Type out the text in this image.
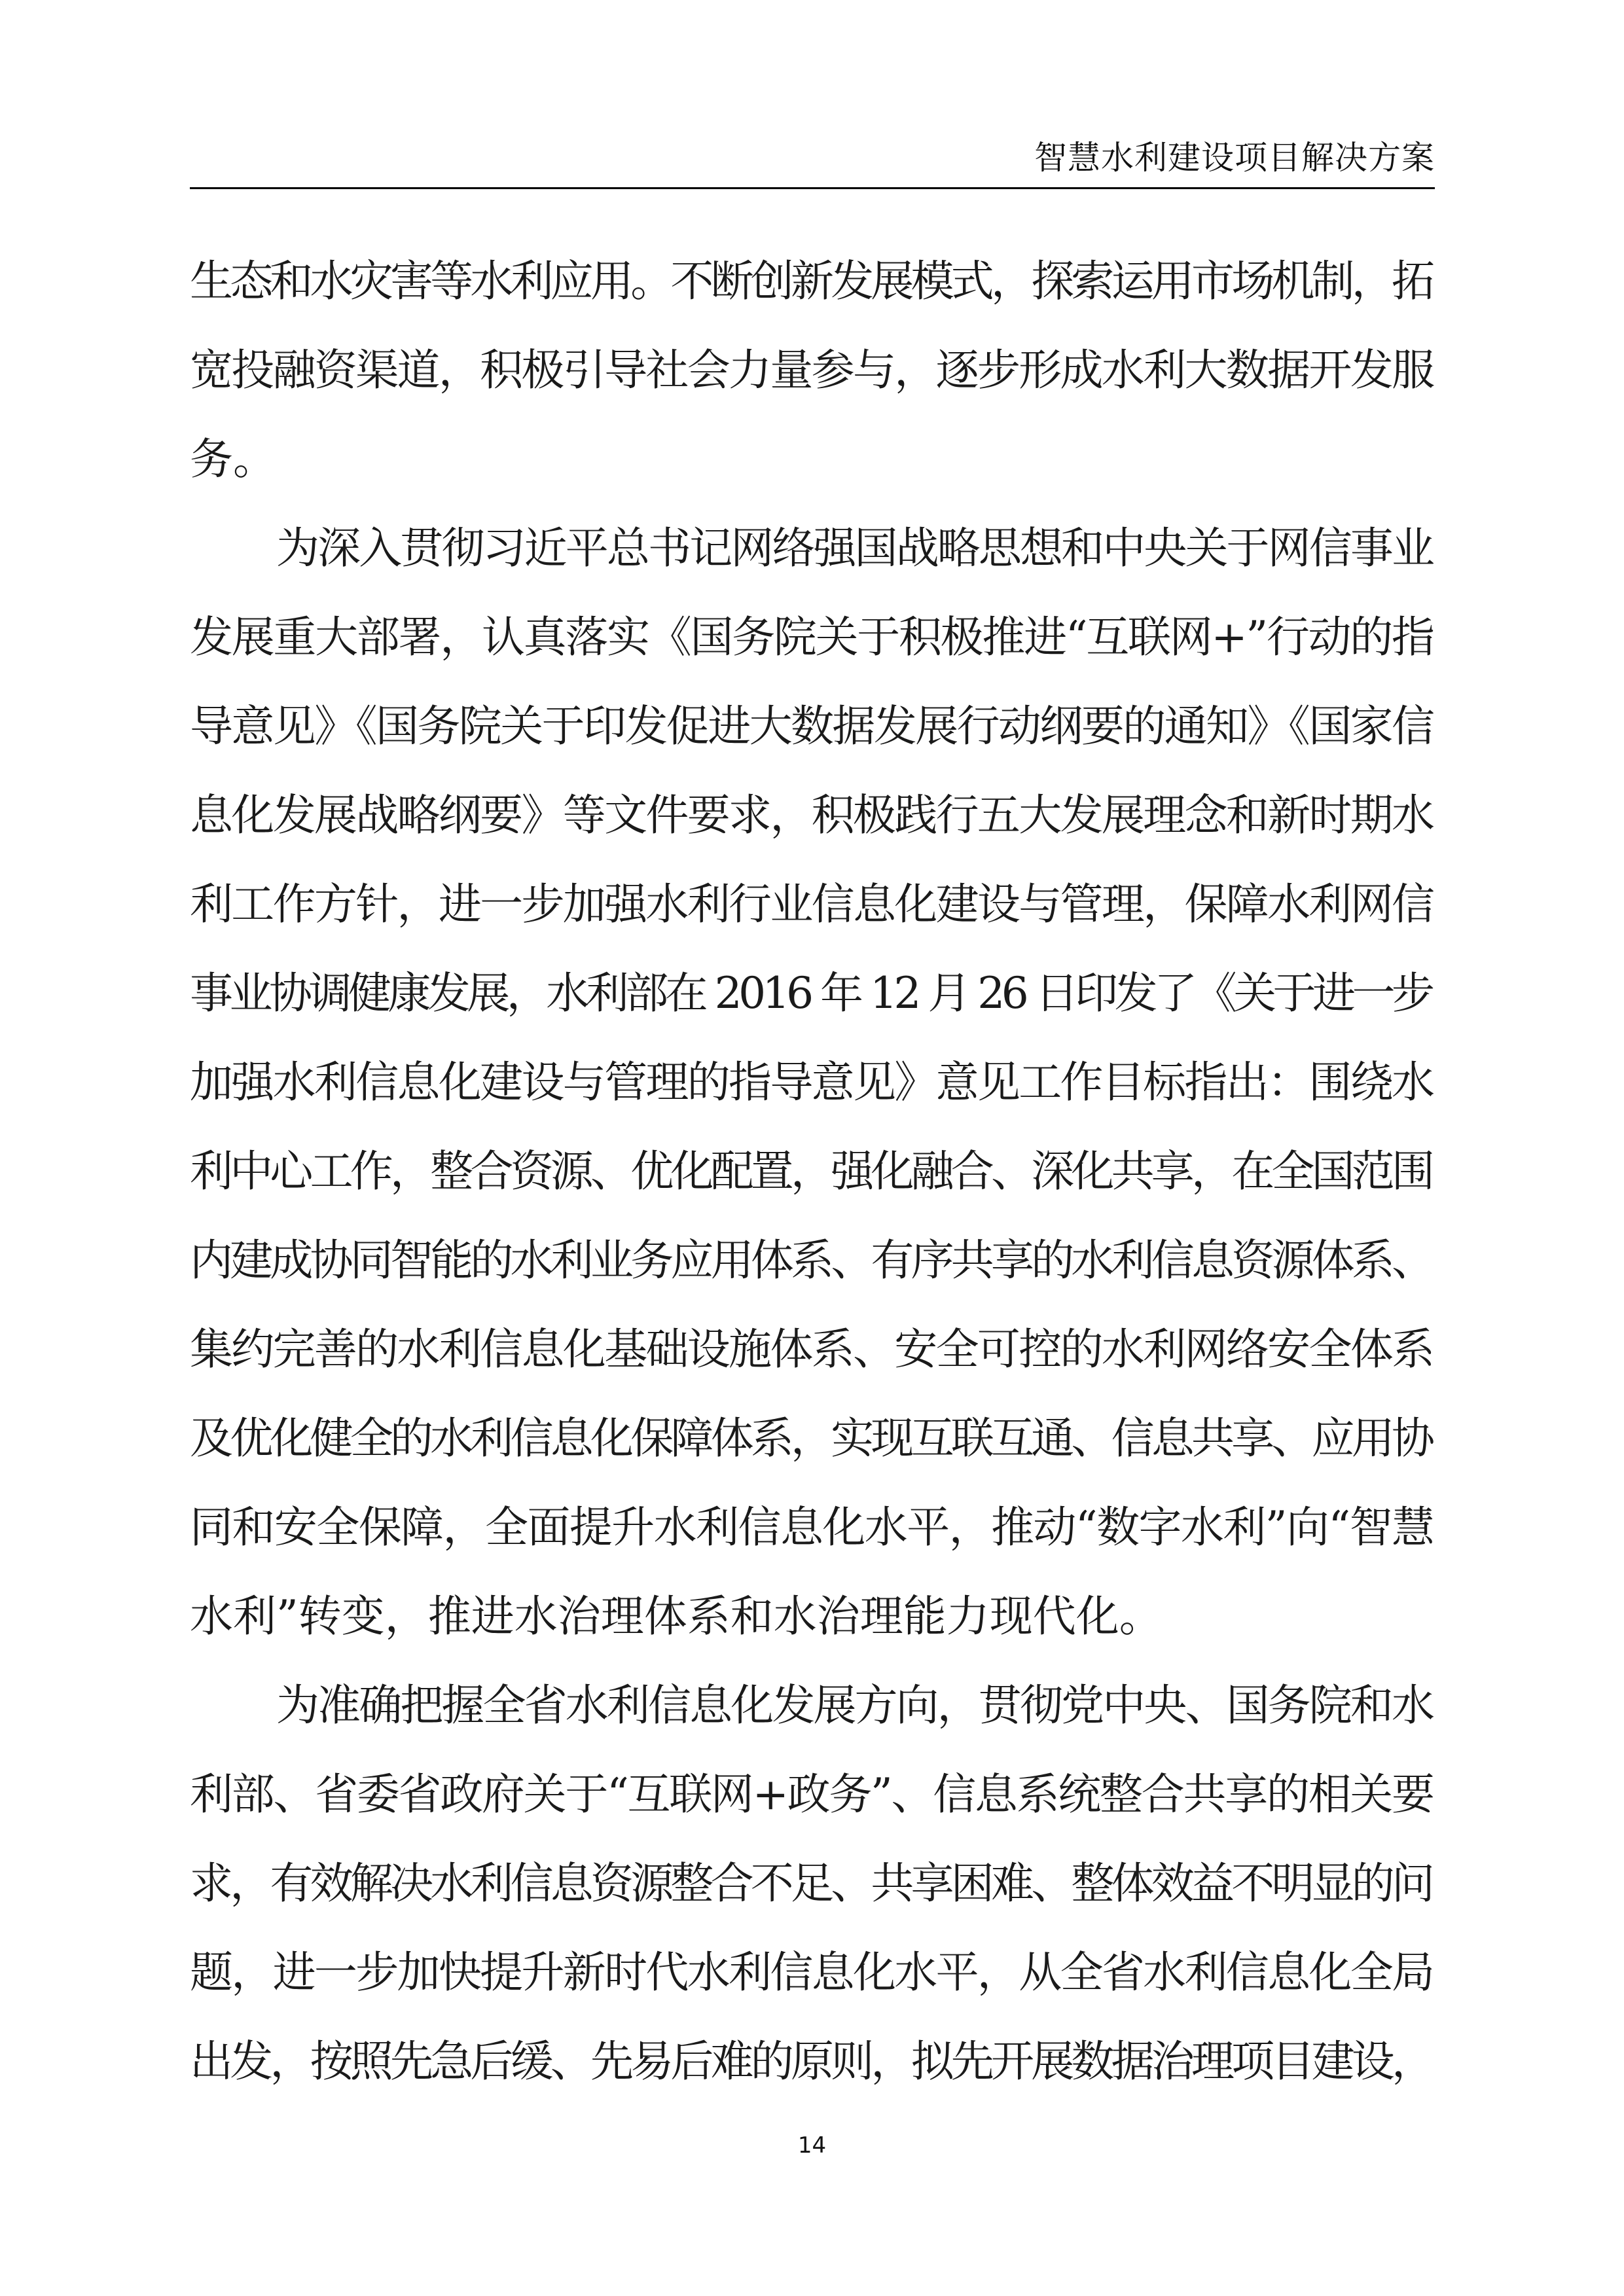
智慧水利建设项目解决方案
生态和水灾害等水利应用。不断创新发展模式，探索运用市场机制，拓
宽投融资渠道，积极引导社会力量参与，逐步形成水利大数据开发服
务。
为深入贯彻习近平总书记网络强国战略思想和中央关于网信事业
发展重大部署，认真落实《国务院关于积极推进“互联网+”行动的指
导意见》《国务院关于印发促进大数据发展行动纲要的通知》《国家信
息化发展战略纲要》等文件要求，积极践行五大发展理念和新时期水
利工作方针，进一步加强水利行业信息化建设与管理，保障水利网信
事业协调健康发展，水利部在 2016 年 12 月 26 日印发了《关于进一步
加强水利信息化建设与管理的指导意见》意见工作目标指出：围绕水
利中心工作，整合资源、优化配置，强化融合、深化共享，在全国范围
内建成协同智能的水利业务应用体系、有序共享的水利信息资源体系、
集约完善的水利信息化基础设施体系、安全可控的水利网络安全体系
及优化健全的水利信息化保障体系，实现互联互通、信息共享、应用协
同和安全保障，全面提升水利信息化水平，推动“数字水利”向“智慧
水利”转变，推进水治理体系和水治理能力现代化。
为准确把握全省水利信息化发展方向，贯彻党中央、国务院和水
利部、省委省政府关于“互联网+政务”、信息系统整合共享的相关要
求，有效解决水利信息资源整合不足、共享困难、整体效益不明显的问
题，进一步加快提升新时代水利信息化水平，从全省水利信息化全局
出发，按照先急后缓、先易后难的原则，拟先开展数据治理项目建设，
14
